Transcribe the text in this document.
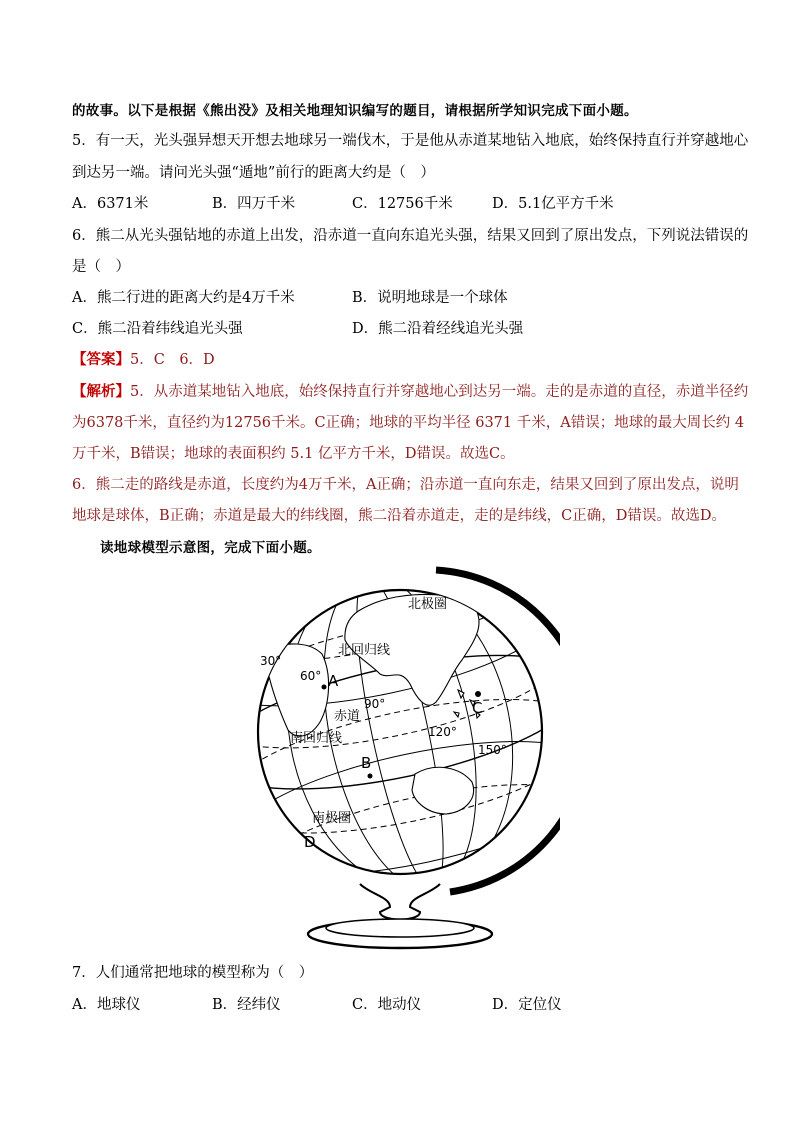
的故事。以下是根据《熊出没》及相关地理知识编写的题目，请根据所学知识完成下面小题。
5．有一天，光头强异想天开想去地球另一端伐木，于是他从赤道某地钻入地底，始终保持直行并穿越地心
到达另一端。请问光头强“遁地”前行的距离大约是（　）
A．6371米	B．四万千米	C．12756千米	D．5.1亿平方千米
6．熊二从光头强钻地的赤道上出发，沿赤道一直向东追光头强，结果又回到了原出发点，下列说法错误的
是（　）
A．熊二行进的距离大约是4万千米	B．说明地球是一个球体
C．熊二沿着纬线追光头强	D．熊二沿着经线追光头强
【答案】5．C　6．D
【解析】5．从赤道某地钻入地底，始终保持直行并穿越地心到达另一端。走的是赤道的直径，赤道半径约
为6378千米，直径约为12756千米。C正确；地球的平均半径 6371 千米，A错误；地球的最大周长约 4
万千米，B错误；地球的表面积约 5.1 亿平方千米，D错误。故选C。
6．熊二走的路线是赤道，长度约为4万千米，A正确；沿赤道一直向东走，结果又回到了原出发点，说明
地球是球体，B正确；赤道是最大的纬线圈，熊二沿着赤道走，走的是纬线，C正确，D错误。故选D。
读地球模型示意图，完成下面小题。
北极圈
北回归线
赤道
南回归线
南极圈
30°
60°
90°
120°
150°
A
B
C
D
7．人们通常把地球的模型称为（　）
A．地球仪	B．经纬仪	C．地动仪	D．定位仪
